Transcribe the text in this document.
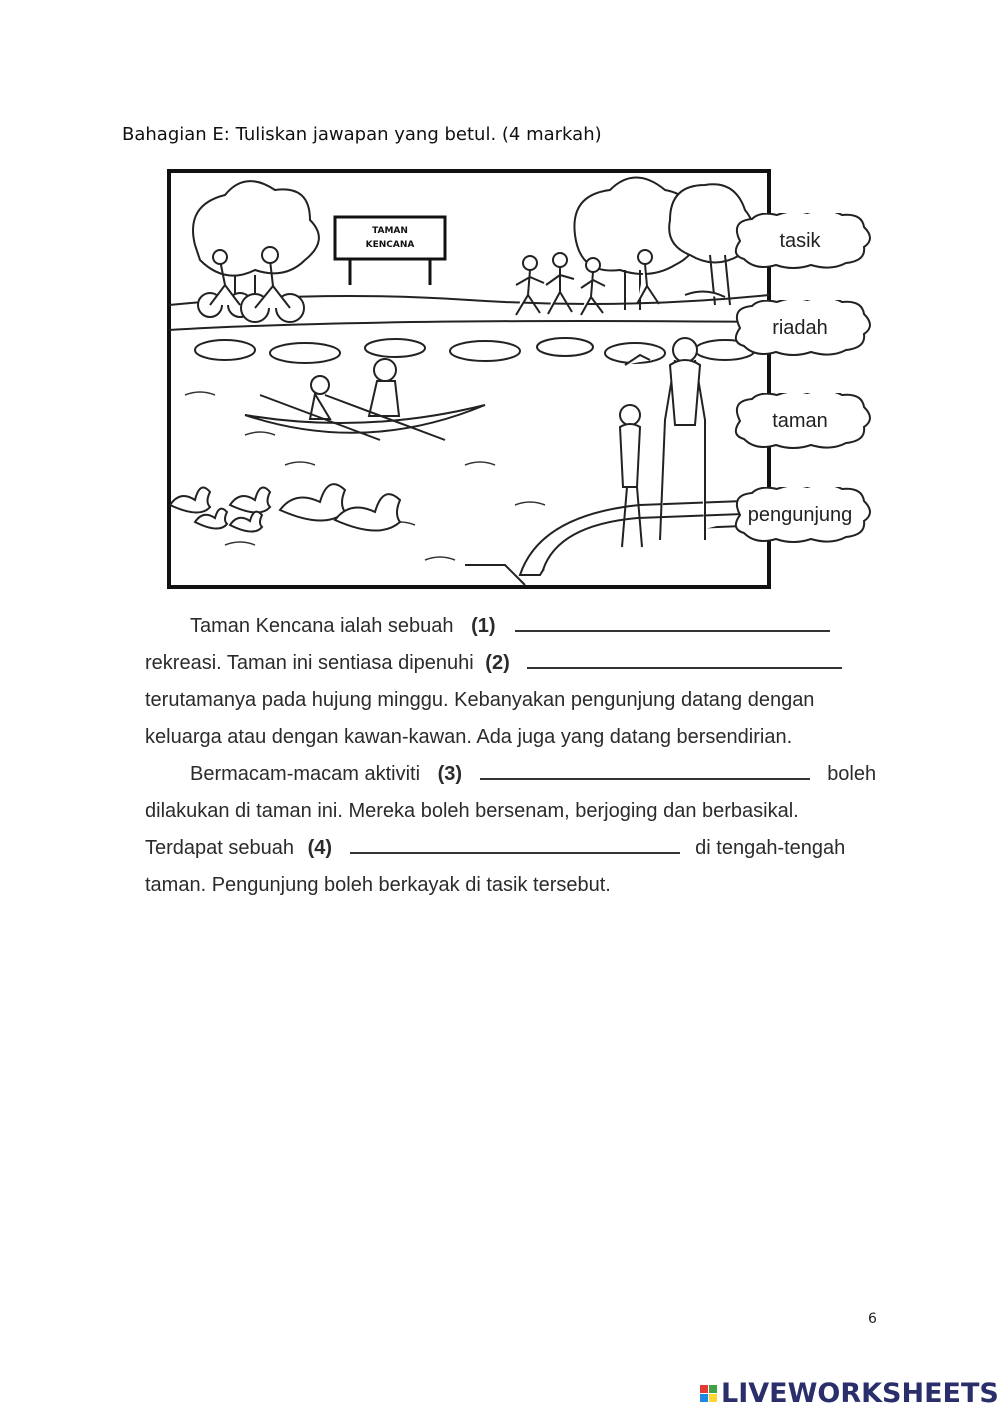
Bahagian E: Tuliskan jawapan yang betul. (4 markah)
TAMAN
KENCANA	tasik
riadah
taman
pengunjung
Taman Kencana ialah sebuah (1)
rekreasi. Taman ini sentiasa dipenuhi (2)
terutamanya pada hujung minggu. Kebanyakan pengunjung datang dengan
keluarga atau dengan kawan-kawan. Ada juga yang datang bersendirian.
Bermacam-macam aktiviti (3)	boleh
dilakukan di taman ini. Mereka boleh bersenam, berjoging dan berbasikal.
Terdapat sebuah (4)	di tengah-tengah
taman. Pengunjung boleh berkayak di tasik tersebut.
6
LIVEWORKSHEETS
